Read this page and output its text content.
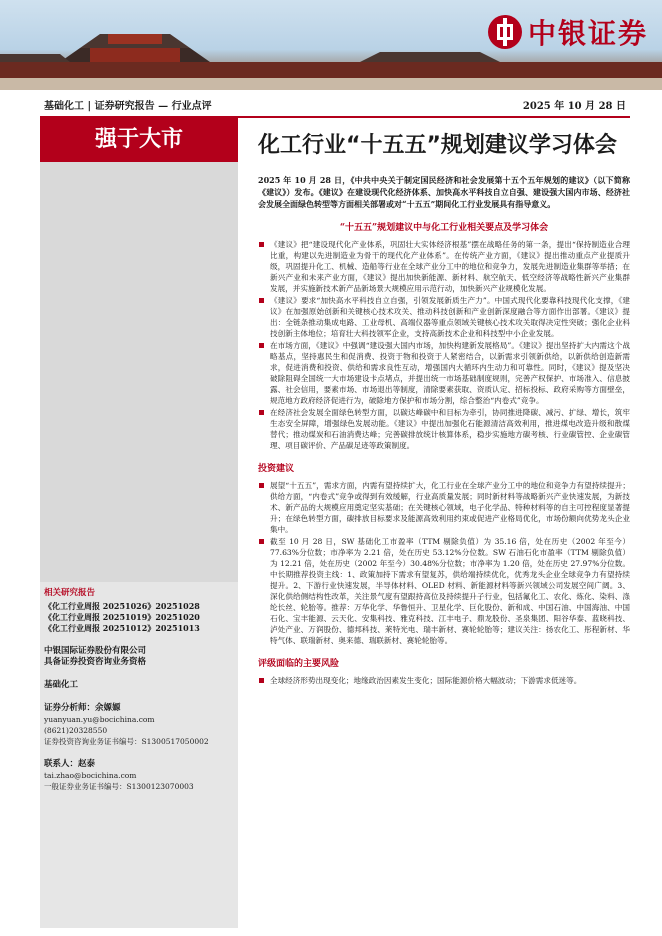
中银证券
基础化工 | 证券研究报告 — 行业点评	2025 年 10 月 28 日
强于大市
相关研究报告
《化工行业周报 20251026》20251028
《化工行业周报 20251019》20251020
《化工行业周报 20251012》20251013
中银国际证券股份有限公司
具备证券投资咨询业务资格
基础化工
证券分析师：余嫄嫄
yuanyuan.yu@bocichina.com
(8621)20328550
证券投资咨询业务证书编号：S1300517050002
联系人：赵泰
tai.zhao@bocichina.com
一般证券业务证书编号：S1300123070003
化工行业“十五五”规划建议学习体会
2025 年 10 月 28 日，《中共中央关于制定国民经济和社会发展第十五个五年规划的建议》（以下简称《建议》）发布。《建议》在建设现代化经济体系、加快高水平科技自立自强、建设强大国内市场、经济社会发展全面绿色转型等方面相关部署或对“十五五”期间化工行业发展具有指导意义。
“十五五”规划建议中与化工行业相关要点及学习体会
《建议》把“建设现代化产业体系，巩固壮大实体经济根基”摆在战略任务的第一条，提出“保持制造业合理比重，构建以先进制造业为骨干的现代化产业体系”。在传统产业方面，《建议》提出推动重点产业提质升级，巩固提升化工、机械、造船等行业在全球产业分工中的地位和竞争力，发展先进制造业集群等举措；在新兴产业和未来产业方面，《建议》提出加快新能源、新材料、航空航天、低空经济等战略性新兴产业集群发展，并实施新技术新产品新场景大规模应用示范行动，加快新兴产业规模化发展。
《建议》要求“加快高水平科技自立自强，引领发展新质生产力”。中国式现代化要靠科技现代化支撑，《建议》在加强原始创新和关键核心技术攻关、推动科技创新和产业创新深度融合等方面作出部署。《建议》提出：全链条推动集成电路、工业母机、高端仪器等重点领域关键核心技术攻关取得决定性突破；强化企业科技创新主体地位；培育壮大科技领军企业，支持高新技术企业和科技型中小企业发展。
在市场方面，《建议》中强调“建设强大国内市场，加快构建新发展格局”。《建议》提出坚持扩大内需这个战略基点，坚持惠民生和促消费、投资于物和投资于人紧密结合，以新需求引领新供给，以新供给创造新需求，促进消费和投资、供给和需求良性互动，增强国内大循环内生动力和可靠性。同时，《建议》提及坚决破除阻碍全国统一大市场建设卡点堵点，并提出统一市场基础制度规则，完善产权保护、市场准入、信息披露、社会信用，要素市场、市场退出等制度，清除要素获取、资质认定、招标投标、政府采购等方面壁垒，规范地方政府经济促进行为，破除地方保护和市场分割，综合整治“内卷式”竞争。
在经济社会发展全面绿色转型方面，以碳达峰碳中和目标为牵引，协同推进降碳、减污、扩绿、增长，筑牢生态安全屏障，增强绿色发展动能。《建议》中提出加强化石能源清洁高效利用，推进煤电改造升级和散煤替代；推动煤炭和石油消费达峰；完善碳排放统计核算体系，稳步实施地方碳考核、行业碳管控、企业碳管理、项目碳评价、产品碳足迹等政策制度。
投资建议
展望“十五五”，需求方面，内需有望持续扩大，化工行业在全球产业分工中的地位和竞争力有望持续提升；供给方面，“内卷式”竞争或得到有效缓解，行业高质量发展；同时新材料等战略新兴产业快速发展，为新技术、新产品的大规模应用奠定坚实基础；在关键核心领域，电子化学品、特种材料等的自主可控程度显著提升；在绿色转型方面，碳排放目标要求及能源高效利用约束或促进产业格局优化，市场份额向优势龙头企业集中。
截至 10 月 28 日，SW 基础化工市盈率（TTM 剔除负值）为 35.16 倍，处在历史（2002 年至今）77.63%分位数；市净率为 2.21 倍，处在历史 53.12%分位数。SW 石油石化市盈率（TTM 剔除负值）为 12.21 倍，处在历史（2002 年至今）30.48%分位数；市净率为 1.20 倍，处在历史 27.97%分位数。中长期推荐投资主线：1、政策加持下需求有望复苏，供给端持续优化，优秀龙头企业全球竞争力有望持续提升。2、下游行业快速发展，半导体材料、OLED 材料、新能源材料等新兴领域公司发展空间广阔。3、深化供给侧结构性改革，关注景气度有望跟持高位及持续提升子行业，包括氟化工、农化、炼化、染料、涤纶长丝、轮胎等。推荐：万华化学、华鲁恒升、卫星化学、巨化股份、新和成、中国石油、中国海油、中国石化、宝丰能源、云天化、安集科技、雅克科技、江丰电子、鼎龙股份、圣泉集团、阳谷华泰、蓝晓科技、泸处产业、万润股份、德邦科技、莱特光电、瑞丰新材、赛轮轮胎等；建议关注：扬农化工、彤程新材、华特气体、联瑞新材、奥来德、瑞联新材、赛轮轮胎等。
评级面临的主要风险
全球经济形势出现变化；地缘政治因素发生变化；国际能源价格大幅波动；下游需求低迷等。
